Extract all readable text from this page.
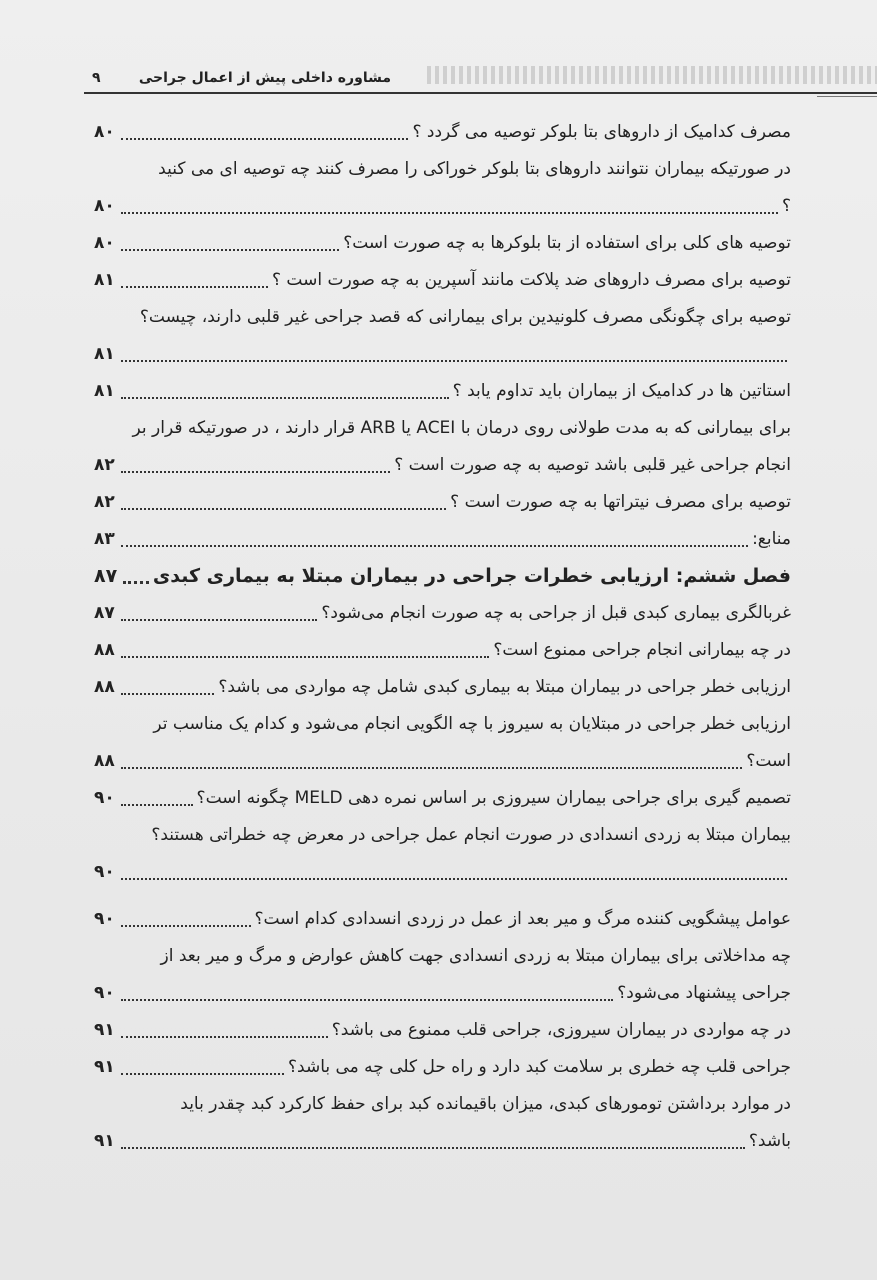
مشاوره داخلی پیش از اعمال جراحی
۹
مصرف کدامیک از داروهای بتا بلوکر توصیه می گردد ؟
۸۰
در صورتیکه بیماران نتوانند داروهای بتا بلوکر خوراکی را مصرف کنند چه توصیه ای می کنید
؟
۸۰
توصیه های کلی برای استفاده از بتا بلوکرها به چه صورت است؟
۸۰
توصیه برای مصرف داروهای ضد پلاکت مانند آسپرین به چه صورت است ؟
۸۱
توصیه برای چگونگی مصرف کلونیدین برای بیمارانی که قصد جراحی غیر قلبی دارند، چیست؟
۸۱
استاتین ها در کدامیک از بیماران باید تداوم یابد ؟
۸۱
برای بیمارانی که به مدت طولانی روی درمان با ACEI یا ARB قرار دارند ، در صورتیکه قرار بر
انجام جراحی غیر قلبی باشد توصیه به چه صورت است ؟
۸۲
توصیه برای مصرف نیتراتها به چه صورت است ؟
۸۲
منابع:
۸۳
فصل ششم: ارزیابی خطرات جراحی در بیماران مبتلا به بیماری کبدی
۸۷
غربالگری بیماری کبدی قبل از جراحی به چه صورت انجام می‌شود؟
۸۷
در چه بیمارانی انجام جراحی ممنوع است؟
۸۸
ارزیابی خطر جراحی در بیماران مبتلا به بیماری کبدی شامل چه مواردی می باشد؟
۸۸
ارزیابی خطر جراحی در مبتلایان به سیروز با چه الگویی انجام می‌شود و کدام یک مناسب تر
است؟
۸۸
تصمیم گیری برای جراحی بیماران سیروزی بر اساس نمره دهی MELD چگونه است؟
۹۰
بیماران مبتلا به زردی انسدادی در صورت انجام عمل جراحی در معرض چه خطراتی هستند؟
۹۰
عوامل پیشگویی کننده مرگ و میر بعد از عمل در زردی انسدادی کدام است؟
۹۰
چه مداخلاتی برای بیماران مبتلا به زردی انسدادی جهت کاهش عوارض و مرگ و میر بعد از
جراحی پیشنهاد می‌شود؟
۹۰
در چه مواردی در بیماران سیروزی، جراحی قلب ممنوع می باشد؟
۹۱
جراحی قلب چه خطری بر سلامت کبد دارد و راه حل کلی چه می باشد؟
۹۱
در موارد برداشتن تومورهای کبدی، میزان باقیمانده کبد برای حفظ کارکرد کبد چقدر باید
باشد؟
۹۱
